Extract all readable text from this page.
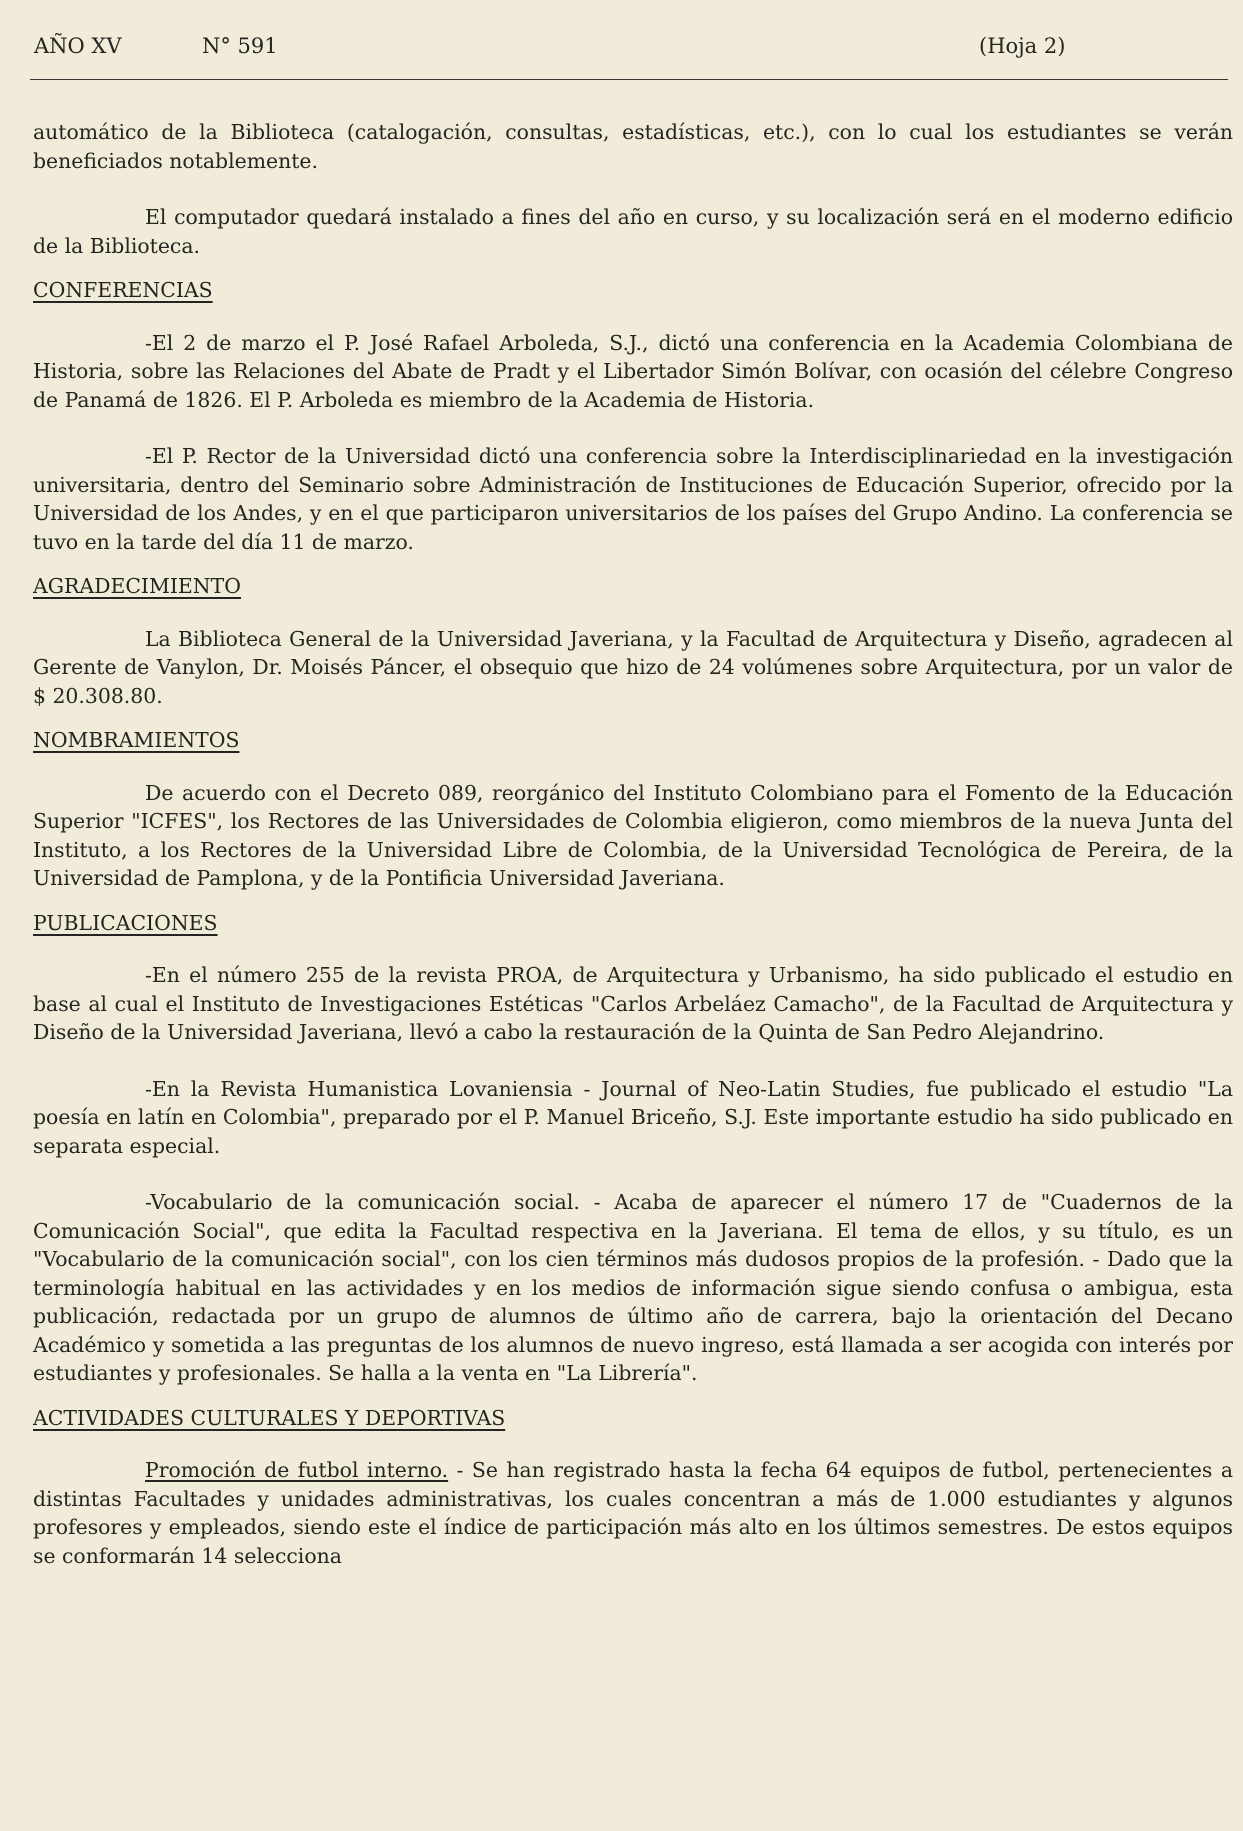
AÑO XV	N° 591	(Hoja 2)

automático de la Biblioteca (catalogación, consultas, estadísticas, etc.), con lo cual los estudiantes se verán beneficiados notablemente.

El computador quedará instalado a fines del año en curso, y su localización será en el moderno edificio de la Biblioteca.

CONFERENCIAS

-El 2 de marzo el P. José Rafael Arboleda, S.J., dictó una conferencia en la Academia Colombiana de Historia, sobre las Relaciones del Abate de Pradt y el Libertador Simón Bolívar, con ocasión del célebre Congreso de Panamá de 1826. El P. Arboleda es miembro de la Academia de Historia.

-El P. Rector de la Universidad dictó una conferencia sobre la Interdisciplinariedad en la investigación universitaria, dentro del Seminario sobre Administración de Instituciones de Educación Superior, ofrecido por la Universidad de los Andes, y en el que participaron universitarios de los países del Grupo Andino. La conferencia se tuvo en la tarde del día 11 de marzo.

AGRADECIMIENTO

La Biblioteca General de la Universidad Javeriana, y la Facultad de Arquitectura y Diseño, agradecen al Gerente de Vanylon, Dr. Moisés Páncer, el obsequio que hizo de 24 volúmenes sobre Arquitectura, por un valor de $ 20.308.80.

NOMBRAMIENTOS

De acuerdo con el Decreto 089, reorgánico del Instituto Colombiano para el Fomento de la Educación Superior "ICFES", los Rectores de las Universidades de Colombia eligieron, como miembros de la nueva Junta del Instituto, a los Rectores de la Universidad Libre de Colombia, de la Universidad Tecnológica de Pereira, de la Universidad de Pamplona, y de la Pontificia Universidad Javeriana.

PUBLICACIONES

-En el número 255 de la revista PROA, de Arquitectura y Urbanismo, ha sido publicado el estudio en base al cual el Instituto de Investigaciones Estéticas "Carlos Arbeláez Camacho", de la Facultad de Arquitectura y Diseño de la Universidad Javeriana, llevó a cabo la restauración de la Quinta de San Pedro Alejandrino.

-En la Revista Humanistica Lovaniensia - Journal of Neo-Latin Studies, fue publicado el estudio "La poesía en latín en Colombia", preparado por el P. Manuel Briceño, S.J. Este importante estudio ha sido publicado en separata especial.

-Vocabulario de la comunicación social. - Acaba de aparecer el número 17 de "Cuadernos de la Comunicación Social", que edita la Facultad respectiva en la Javeriana. El tema de ellos, y su título, es un "Vocabulario de la comunicación social", con los cien términos más dudosos propios de la profesión. - Dado que la terminología habitual en las actividades y en los medios de información sigue siendo confusa o ambigua, esta publicación, redactada por un grupo de alumnos de último año de carrera, bajo la orientación del Decano Académico y sometida a las preguntas de los alumnos de nuevo ingreso, está llamada a ser acogida con interés por estudiantes y profesionales. Se halla a la venta en "La Librería".

ACTIVIDADES CULTURALES Y DEPORTIVAS

Promoción de futbol interno. - Se han registrado hasta la fecha 64 equipos de futbol, pertenecientes a distintas Facultades y unidades administrativas, los cuales concentran a más de 1.000 estudiantes y algunos profesores y empleados, siendo este el índice de participación más alto en los últimos semestres. De estos equipos se conformarán 14 selecciona
